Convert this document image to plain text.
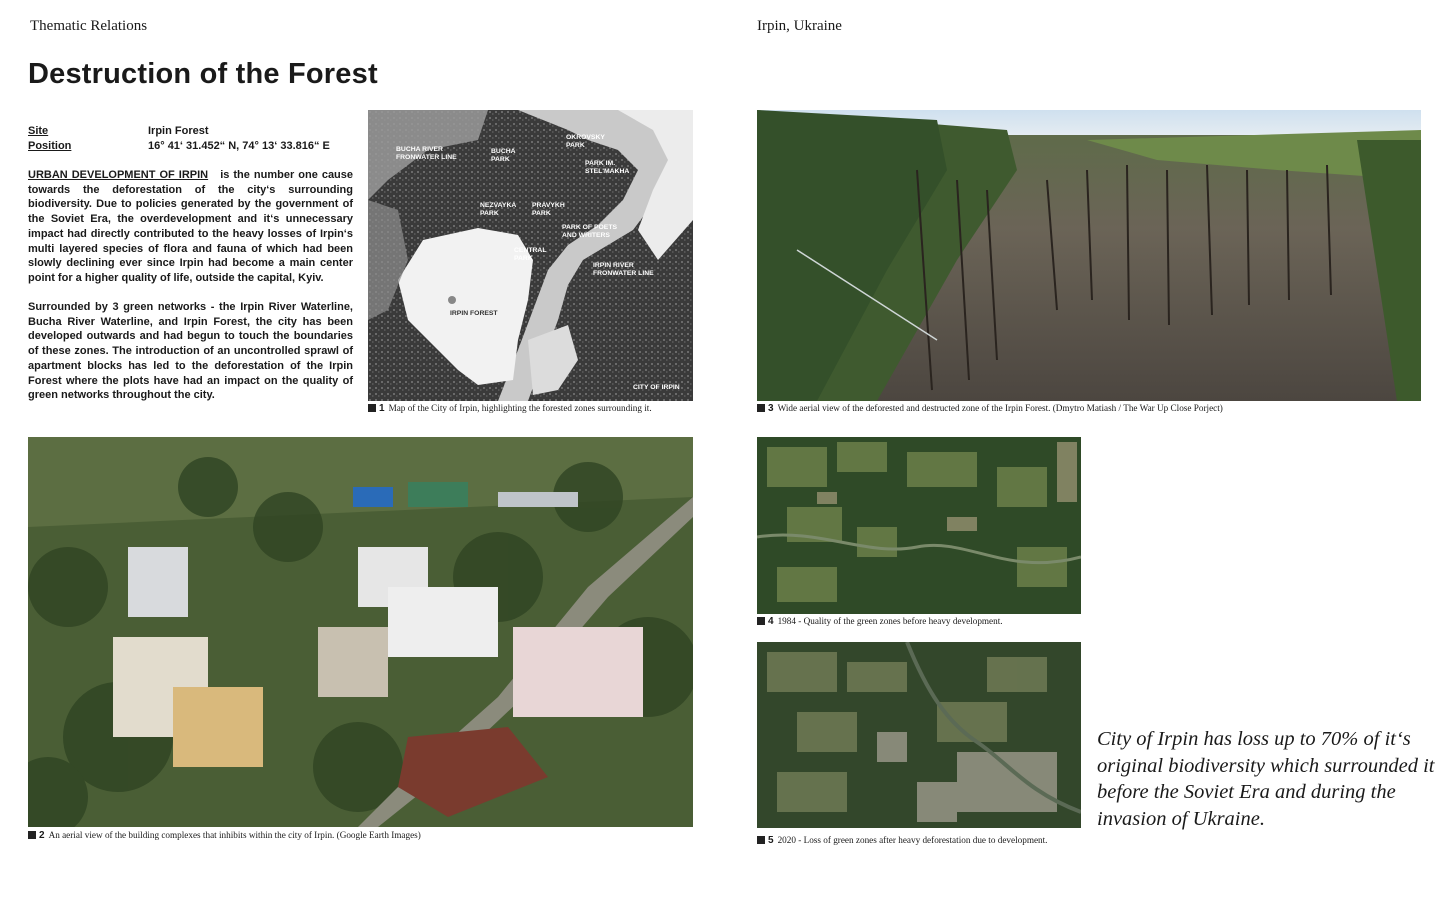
Thematic Relations	Irpin, Ukraine
Destruction of the Forest
Site	Irpin Forest
Position	16° 41‘ 31.452“ N, 74° 13‘ 33.816“ E
URBAN DEVELOPMENT OF IRPIN is the number one cause towards the deforestation of the city‘s surrounding biodiversity. Due to policies generated by the government of the Soviet Era, the overdevelopment and it‘s unnecessary impact had directly contributed to the heavy losses of Irpin‘s multi layered species of flora and fauna of which had been slowly declining ever since Irpin had become a main center point for a higher quality of life, outside the capital, Kyiv.
Surrounded by 3 green networks - the Irpin River Waterline, Bucha River Waterline, and Irpin Forest, the city has been developed outwards and had begun to touch the boundaries of these zones. The introduction of an uncontrolled sprawl of apartment blocks has led to the deforestation of the Irpin Forest where the plots have had an impact on the quality of green networks throughout the city.
BUCHA RIVER FRONWATER LINE
BUCHA PARK
OKROVSKY PARK
PARK IM. STEL'MAKHA
NEZVAYKA PARK
PRAVYKH PARK
PARK OF POETS AND WRITERS
CENTRAL PARK
IRPIN RIVER FRONWATER LINE
IRPIN FOREST
CITY OF IRPIN
1 Map of the City of Irpin, highlighting the forested zones surrounding it.	3 Wide aerial view of the deforested and destructed zone of the Irpin Forest. (Dmytro Matiash / The War Up Close Porject)
2 An aerial view of the building complexes that inhibits within the city of Irpin. (Google Earth Images)
4 1984 - Quality of the green zones before heavy development.
5 2020 - Loss of green zones after heavy deforestation due to development.
City of Irpin has loss up to 70% of it‘s original biodiversity which surrounded it before the Soviet Era and during the invasion of Ukraine.
